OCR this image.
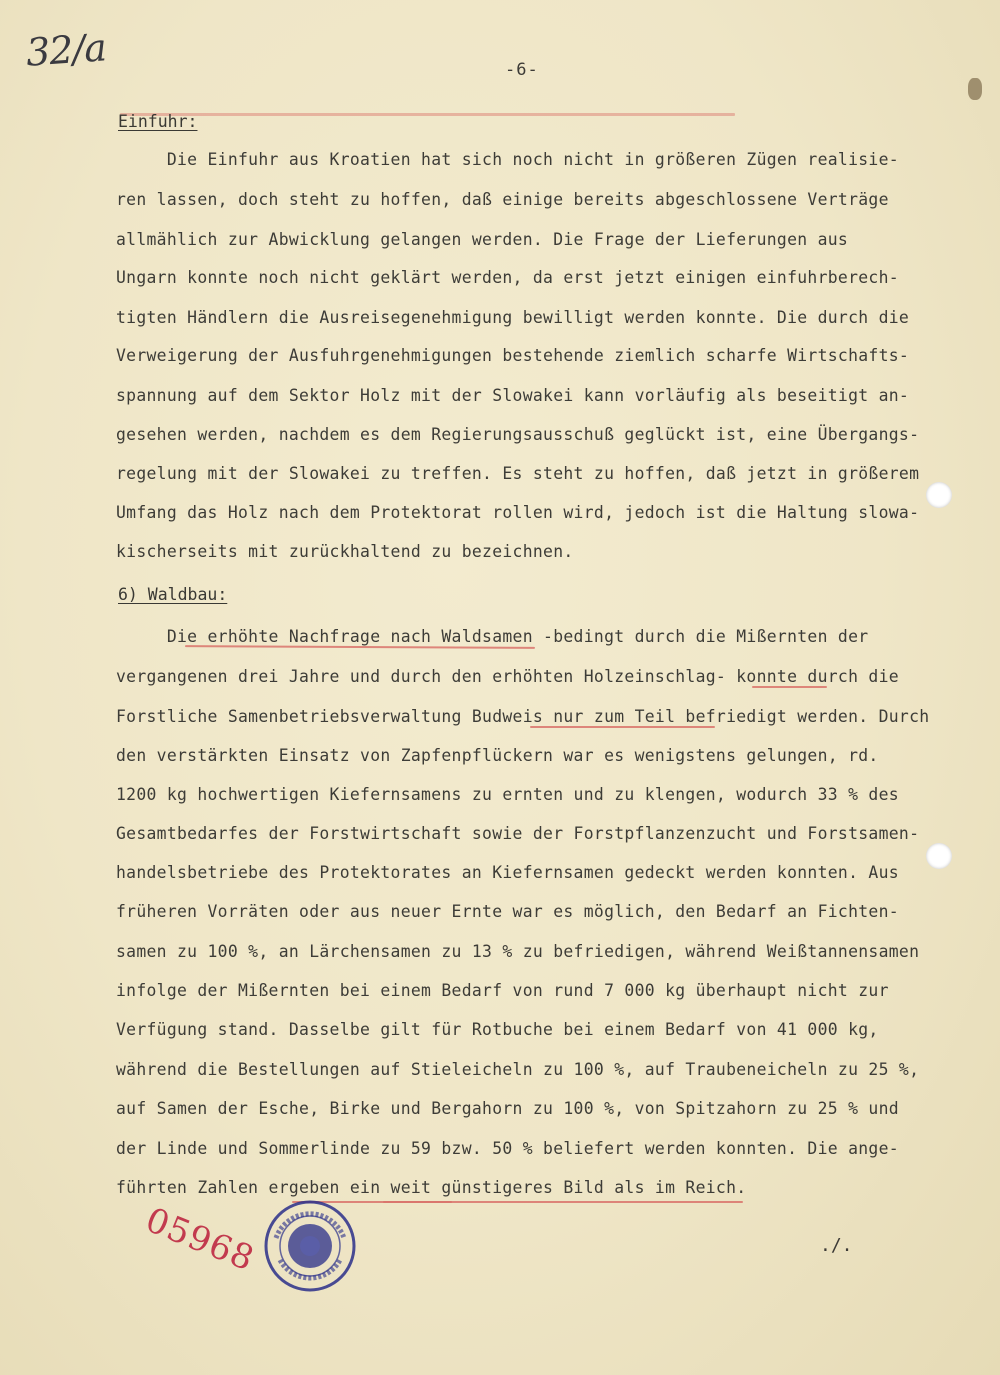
32/a	-6-
Einfuhr:
Die Einfuhr aus Kroatien hat sich noch nicht in größeren Zügen realisie-
ren lassen, doch steht zu hoffen, daß einige bereits abgeschlossene Verträge
allmählich zur Abwicklung gelangen werden. Die Frage der Lieferungen aus
Ungarn konnte noch nicht geklärt werden, da erst jetzt einigen einfuhrberech-
tigten Händlern die Ausreisegenehmigung bewilligt werden konnte. Die durch die
Verweigerung der Ausfuhrgenehmigungen bestehende ziemlich scharfe Wirtschafts-
spannung auf dem Sektor Holz mit der Slowakei kann vorläufig als beseitigt an-
gesehen werden, nachdem es dem Regierungsausschuß geglückt ist, eine Übergangs-
regelung mit der Slowakei zu treffen. Es steht zu hoffen, daß jetzt in größerem
Umfang das Holz nach dem Protektorat rollen wird, jedoch ist die Haltung slowa-
kischerseits mit zurückhaltend zu bezeichnen.
6) Waldbau:
Die erhöhte Nachfrage nach Waldsamen -bedingt durch die Mißernten der
vergangenen drei Jahre und durch den erhöhten Holzeinschlag- konnte durch die
Forstliche Samenbetriebsverwaltung Budweis nur zum Teil befriedigt werden. Durch
den verstärkten Einsatz von Zapfenpflückern war es wenigstens gelungen, rd.
1200 kg hochwertigen Kiefernsamens zu ernten und zu klengen, wodurch 33 % des
Gesamtbedarfes der Forstwirtschaft sowie der Forstpflanzenzucht und Forstsamen-
handelsbetriebe des Protektorates an Kiefernsamen gedeckt werden konnten. Aus
früheren Vorräten oder aus neuer Ernte war es möglich, den Bedarf an Fichten-
samen zu 100 %, an Lärchensamen zu 13 % zu befriedigen, während Weißtannensamen
infolge der Mißernten bei einem Bedarf von rund 7 000 kg überhaupt nicht zur
Verfügung stand. Dasselbe gilt für Rotbuche bei einem Bedarf von 41 000 kg,
während die Bestellungen auf Stieleicheln zu 100 %, auf Traubeneicheln zu 25 %,
auf Samen der Esche, Birke und Bergahorn zu 100 %, von Spitzahorn zu 25 % und
der Linde und Sommerlinde zu 59 bzw. 50 % beliefert werden konnten. Die ange-
führten Zahlen ergeben ein weit günstigeres Bild als im Reich.
05968	./.
